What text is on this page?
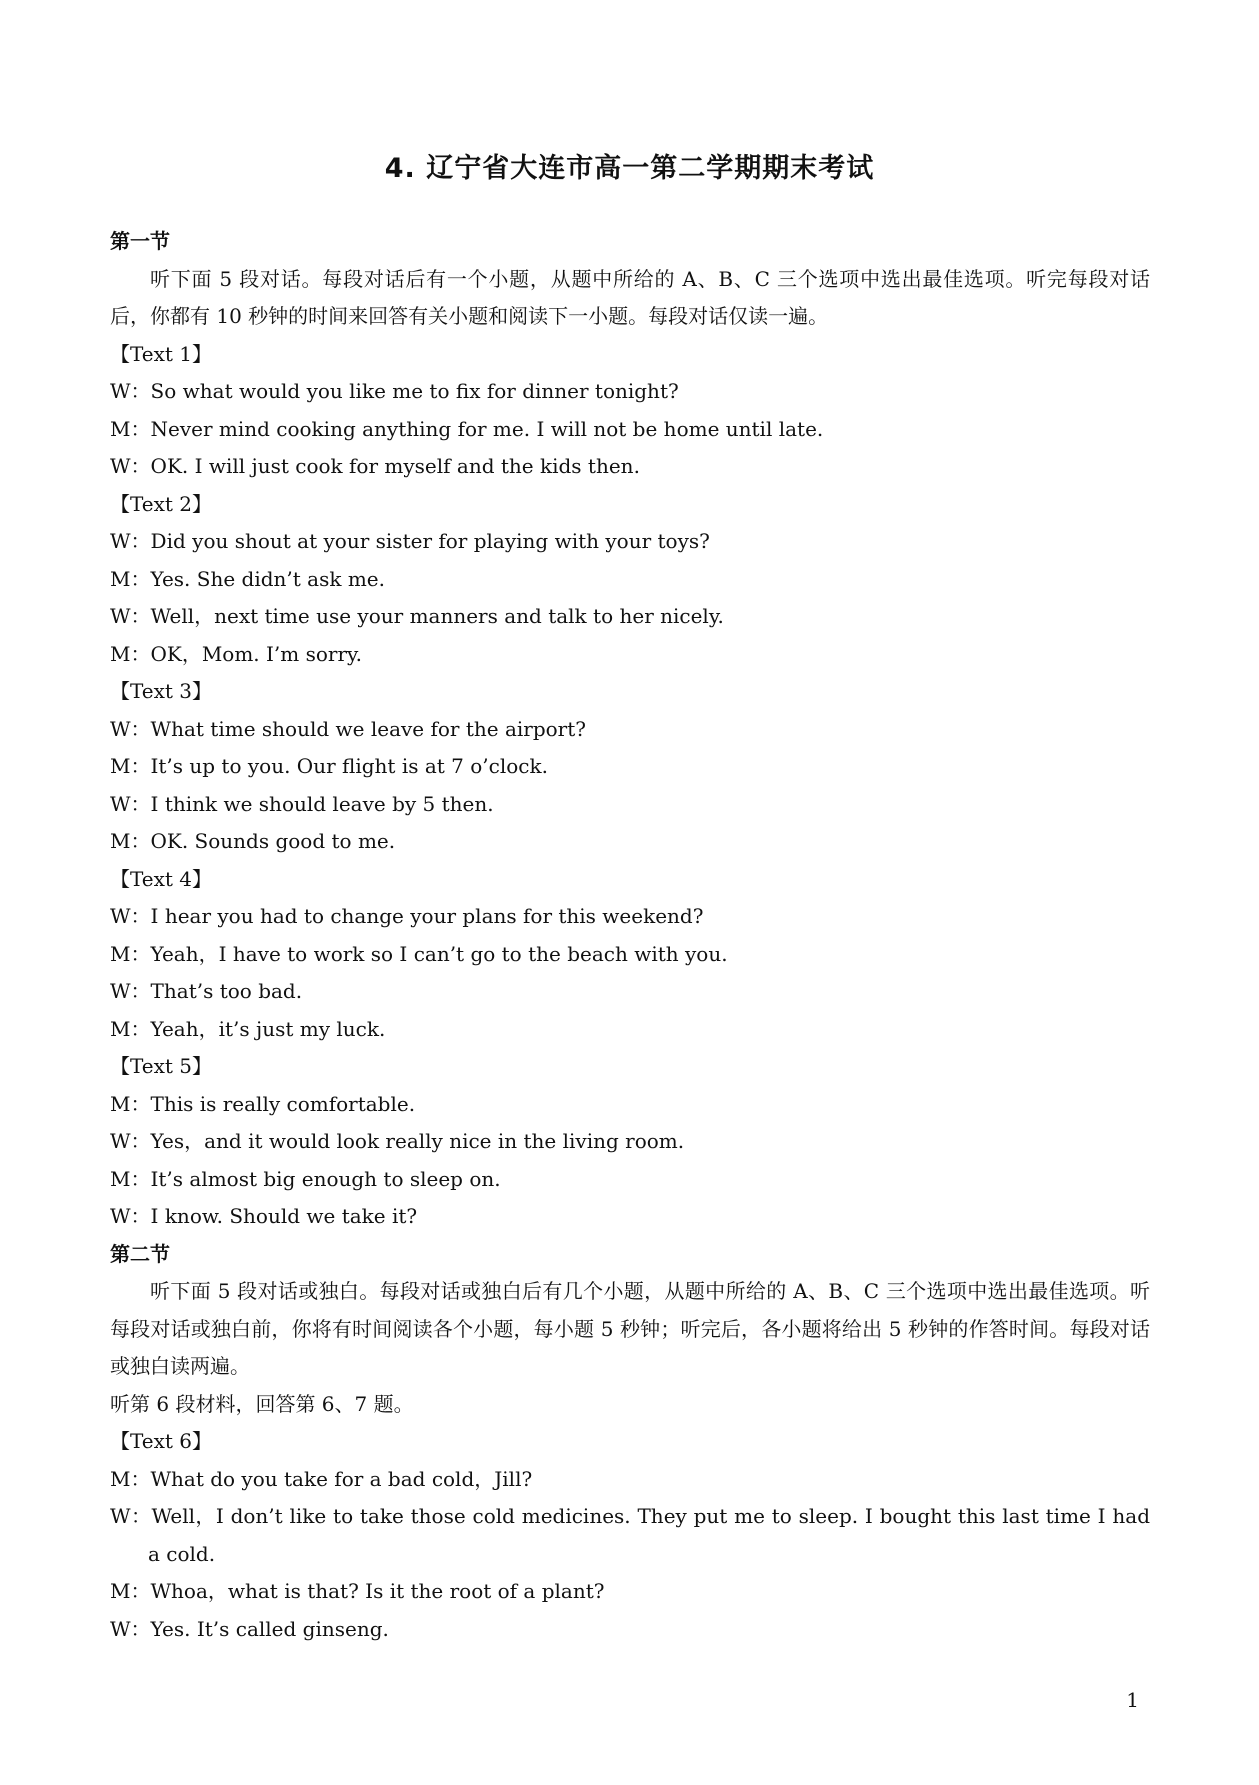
4. 辽宁省大连市高一第二学期期末考试
第一节
听下面 5 段对话。每段对话后有一个小题，从题中所给的 A、B、C 三个选项中选出最佳选项。听完每段对话后，你都有 10 秒钟的时间来回答有关小题和阅读下一小题。每段对话仅读一遍。
【Text 1】
W：So what would you like me to fix for dinner tonight?
M：Never mind cooking anything for me. I will not be home until late.
W：OK. I will just cook for myself and the kids then.
【Text 2】
W：Did you shout at your sister for playing with your toys?
M：Yes. She didn’t ask me.
W：Well，next time use your manners and talk to her nicely.
M：OK，Mom. I’m sorry.
【Text 3】
W：What time should we leave for the airport?
M：It’s up to you. Our flight is at 7 o’clock.
W：I think we should leave by 5 then.
M：OK. Sounds good to me.
【Text 4】
W：I hear you had to change your plans for this weekend?
M：Yeah，I have to work so I can’t go to the beach with you.
W：That’s too bad.
M：Yeah，it’s just my luck.
【Text 5】
M：This is really comfortable.
W：Yes，and it would look really nice in the living room.
M：It’s almost big enough to sleep on.
W：I know. Should we take it?
第二节
听下面 5 段对话或独白。每段对话或独白后有几个小题，从题中所给的 A、B、C 三个选项中选出最佳选项。听每段对话或独白前，你将有时间阅读各个小题，每小题 5 秒钟；听完后，各小题将给出 5 秒钟的作答时间。每段对话或独白读两遍。
听第 6 段材料，回答第 6、7 题。
【Text 6】
M：What do you take for a bad cold，Jill?
W：Well，I don’t like to take those cold medicines. They put me to sleep. I bought this last time I had a cold.
M：Whoa，what is that? Is it the root of a plant?
W：Yes. It’s called ginseng.
1
